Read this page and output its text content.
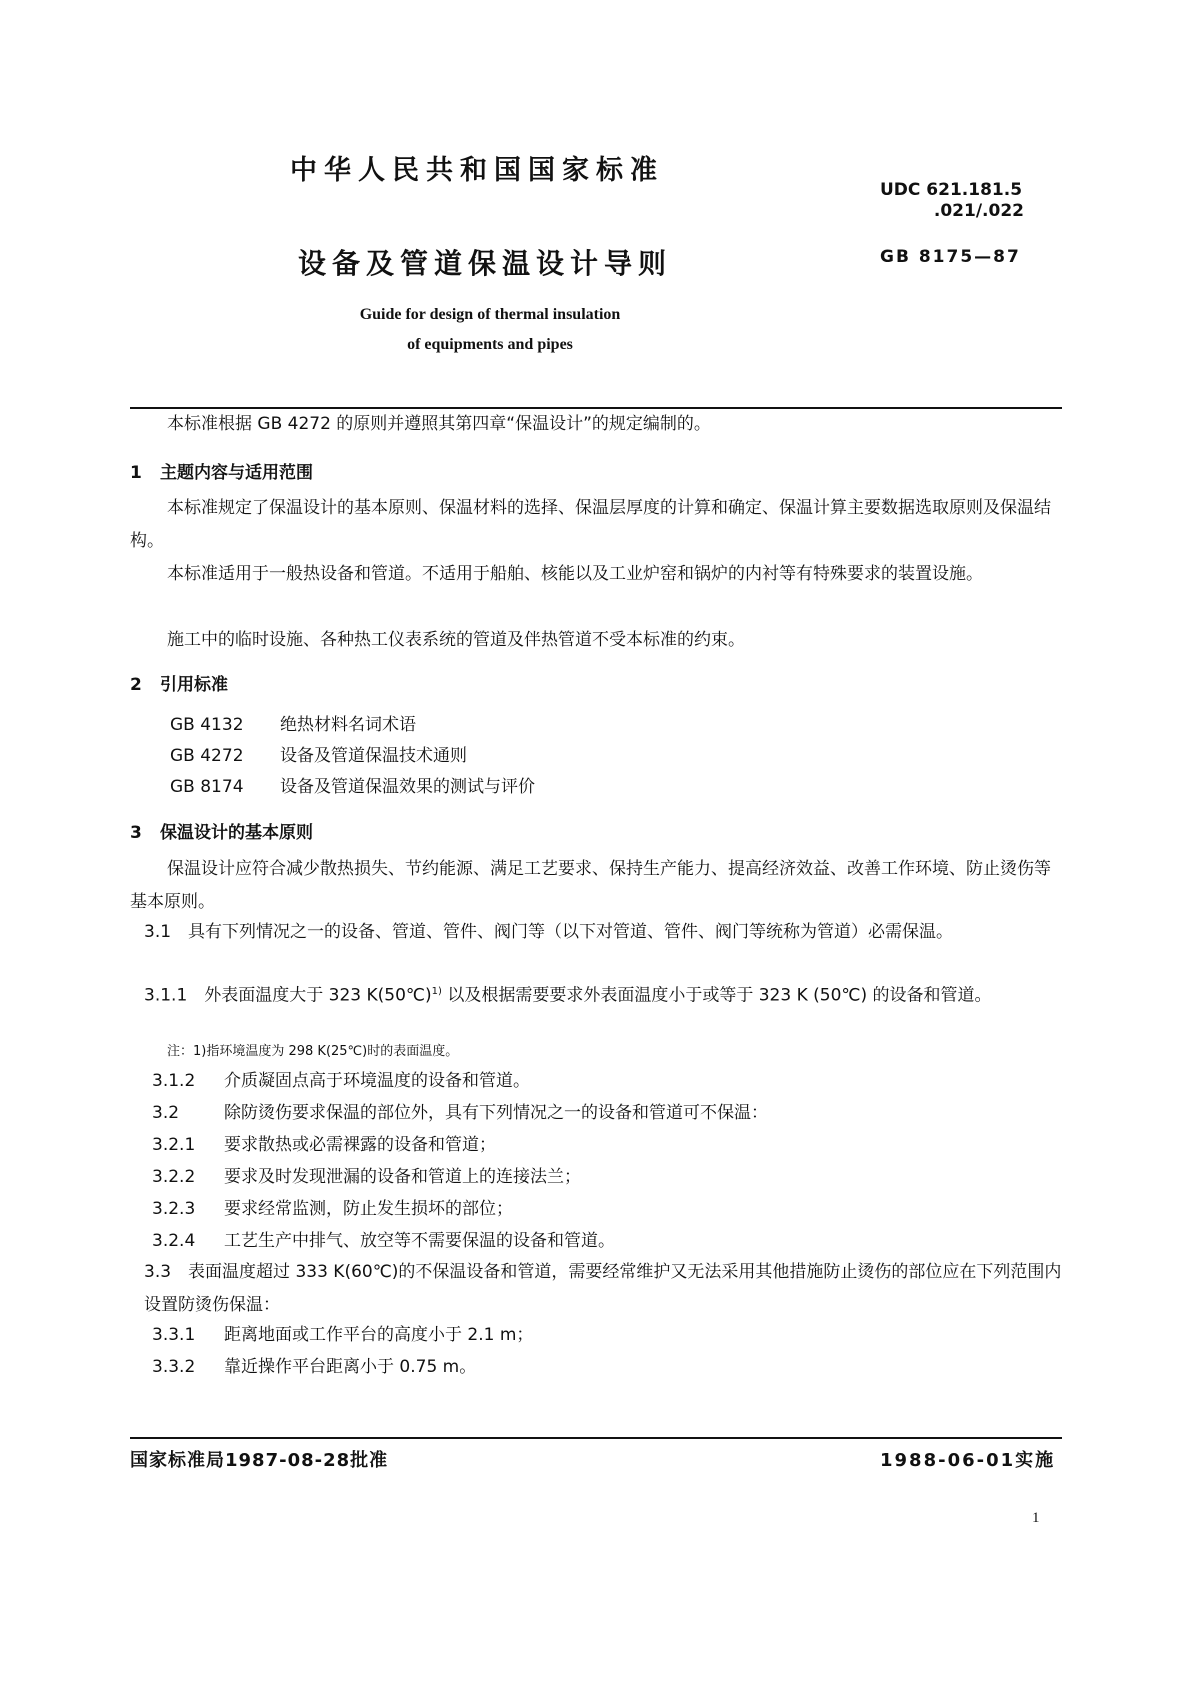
中华人民共和国国家标准
UDC 621.181.5
.021/.022
设备及管道保温设计导则	GB 8175—87
Guide for design of thermal insulation
of equipments and pipes

本标准根据 GB 4272 的原则并遵照其第四章“保温设计”的规定编制的。

1 主题内容与适用范围

本标准规定了保温设计的基本原则、保温材料的选择、保温层厚度的计算和确定、保温计算主要数据选取原则及保温结构。

本标准适用于一般热设备和管道。不适用于船舶、核能以及工业炉窑和锅炉的内衬等有特殊要求的装置设施。

施工中的临时设施、各种热工仪表系统的管道及伴热管道不受本标准的约束。

2 引用标准
GB 4132 绝热材料名词术语
GB 4272 设备及管道保温技术通则
GB 8174 设备及管道保温效果的测试与评价
3 保温设计的基本原则

保温设计应符合减少散热损失、节约能源、满足工艺要求、保持生产能力、提高经济效益、改善工作环境、防止烫伤等基本原则。

3.1　具有下列情况之一的设备、管道、管件、阀门等（以下对管道、管件、阀门等统称为管道）必需保温。

3.1.1　外表面温度大于 323 K(50℃)$^{1)}$ 以及根据需要要求外表面温度小于或等于 323 K (50℃) 的设备和管道。

注：1)指环境温度为 298 K(25℃)时的表面温度。
3.1.2 介质凝固点高于环境温度的设备和管道。
3.2	除防烫伤要求保温的部位外，具有下列情况之一的设备和管道可不保温：
3.2.1 要求散热或必需裸露的设备和管道；
3.2.2 要求及时发现泄漏的设备和管道上的连接法兰；
3.2.3 要求经常监测，防止发生损坏的部位；
3.2.4 工艺生产中排气、放空等不需要保温的设备和管道。

3.3　表面温度超过 333 K(60℃)的不保温设备和管道，需要经常维护又无法采用其他措施防止烫伤的部位应在下列范围内设置防烫伤保温：

3.3.1 距离地面或工作平台的高度小于 2.1 m；
3.3.2 靠近操作平台距离小于 0.75 m。
国家标准局1987-08-28批准	1988-06-01实施
1
